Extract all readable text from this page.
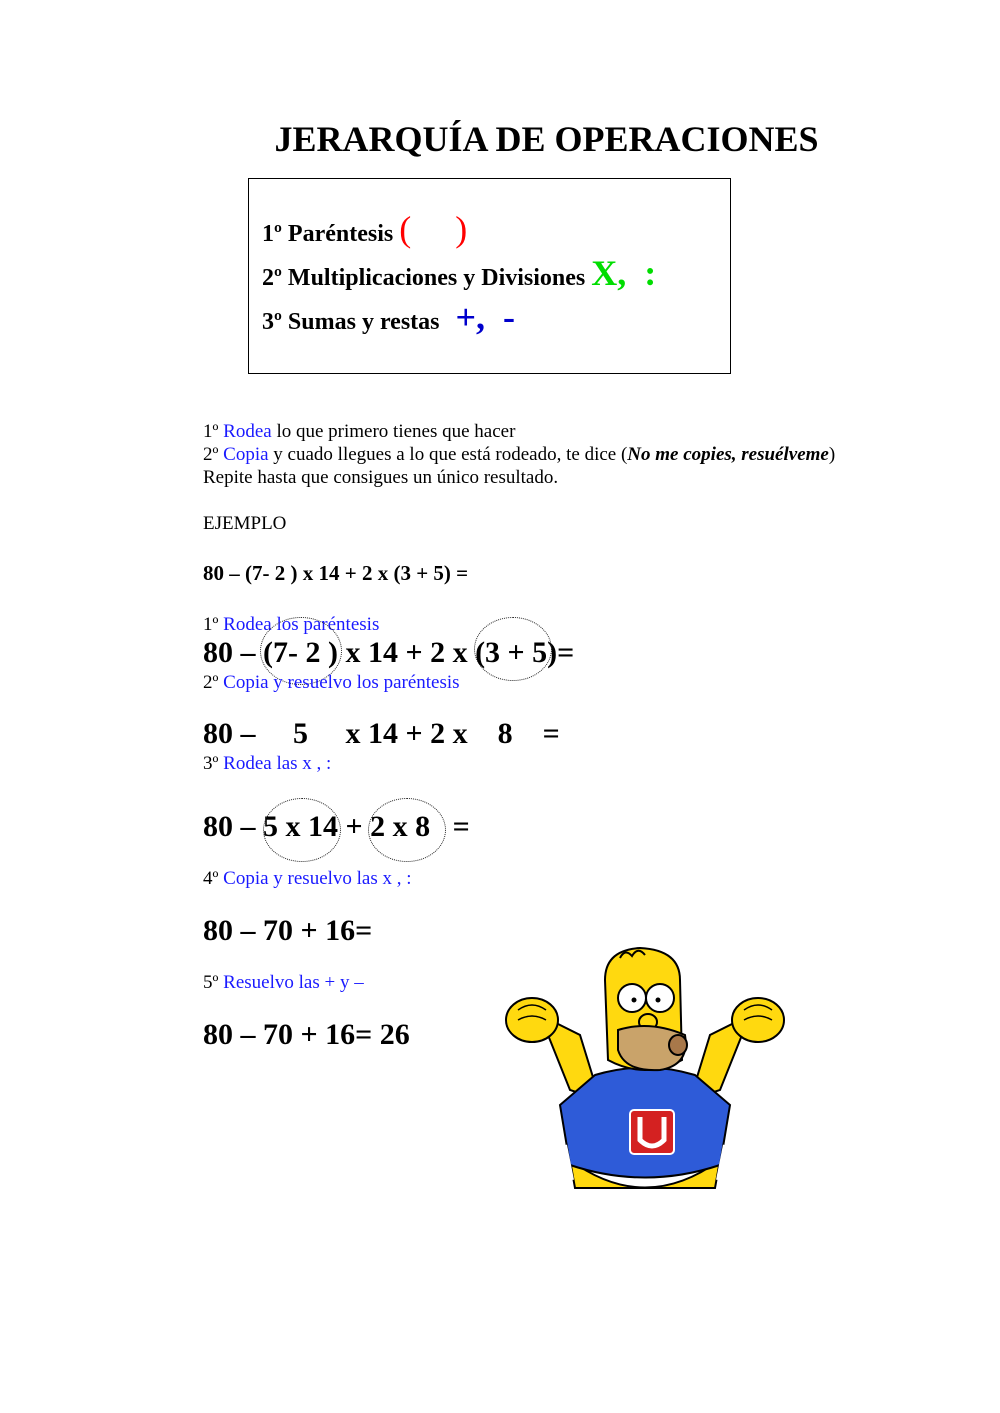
JERARQUÍA DE OPERACIONES
1º Paréntesis ( )
2º Multiplicaciones y Divisiones X,  :
3º Sumas y restas +,  -
1º Rodea lo que primero tienes que hacer
2º Copia y cuado llegues a lo que está rodeado, te dice (No me copies, resuélveme)
Repite hasta que consigues un único resultado.
EJEMPLO
80 – (7- 2 ) x 14 + 2 x (3 + 5) =
1º Rodea los paréntesis
80 – (7- 2 ) x 14 + 2 x (3 + 5)=
2º Copia y resuelvo los paréntesis
80 –     5     x 14 + 2 x    8    =
3º Rodea las x , :
80 – 5 x 14 + 2 x 8   =
4º Copia y resuelvo las x , :
80 – 70 + 16=
5º Resuelvo las + y –
80 – 70 + 16= 26
